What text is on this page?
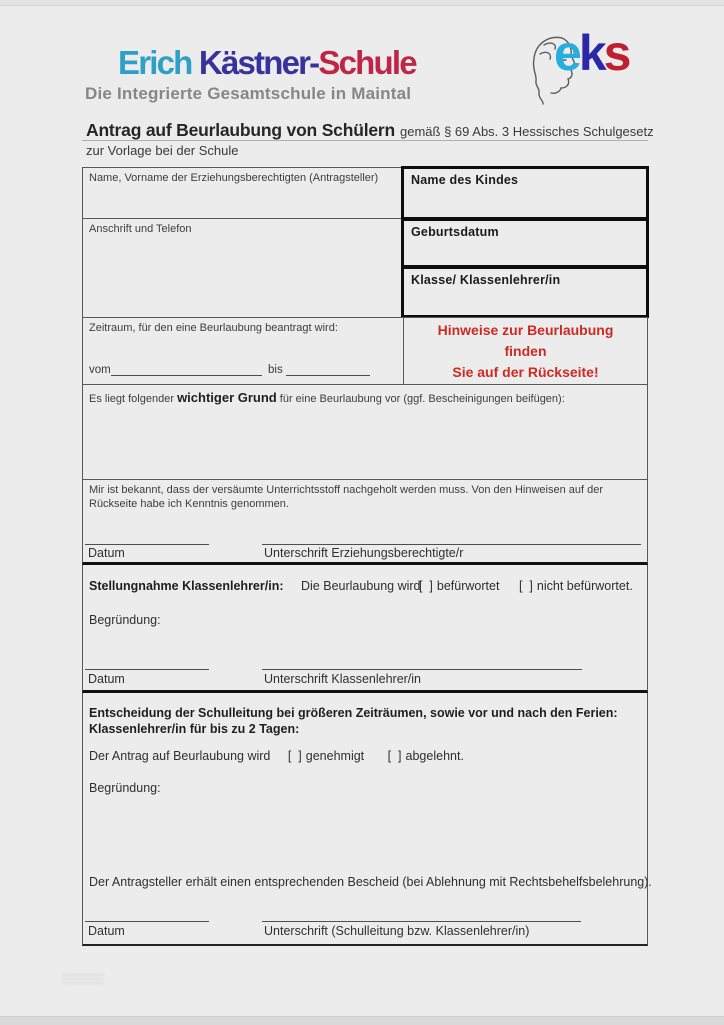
Erich Kästner-Schule
Die Integrierte Gesamtschule in Maintal
eks
Antrag auf Beurlaubung von Schülern gemäß § 69 Abs. 3 Hessisches Schulgesetz
zur Vorlage bei der Schule
Name, Vorname der Erziehungsberechtigten (Antragsteller)
Anschrift und Telefon
Name des Kindes
Geburtsdatum
Klasse/ Klassenlehrer/in
Zeitraum, für den eine Beurlaubung beantragt wird:
vom	bis
Hinweise zur Beurlaubung finden
Sie auf der Rückseite!
Es liegt folgender wichtiger Grund für eine Beurlaubung vor (ggf. Bescheinigungen beifügen):
Mir ist bekannt, dass der versäumte Unterrichtsstoff nachgeholt werden muss. Von den Hinweisen auf der Rückseite habe ich Kenntnis genommen.
Datum	Unterschrift Erziehungsberechtigte/r
Stellungnahme Klassenlehrer/in: Die Beurlaubung wird
[  ] befürwortet [  ] nicht befürwortet.
Begründung:
Datum	Unterschrift Klassenlehrer/in
Entscheidung der Schulleitung bei größeren Zeiträumen, sowie vor und nach den Ferien:
Klassenlehrer/in für bis zu 2 Tagen:
Der Antrag auf Beurlaubung wird [  ] genehmigt [  ] abgelehnt.
Begründung:
Der Antragsteller erhält einen entsprechenden Bescheid (bei Ablehnung mit Rechtsbehelfsbelehrung).
Datum	Unterschrift (Schulleitung bzw. Klassenlehrer/in)
